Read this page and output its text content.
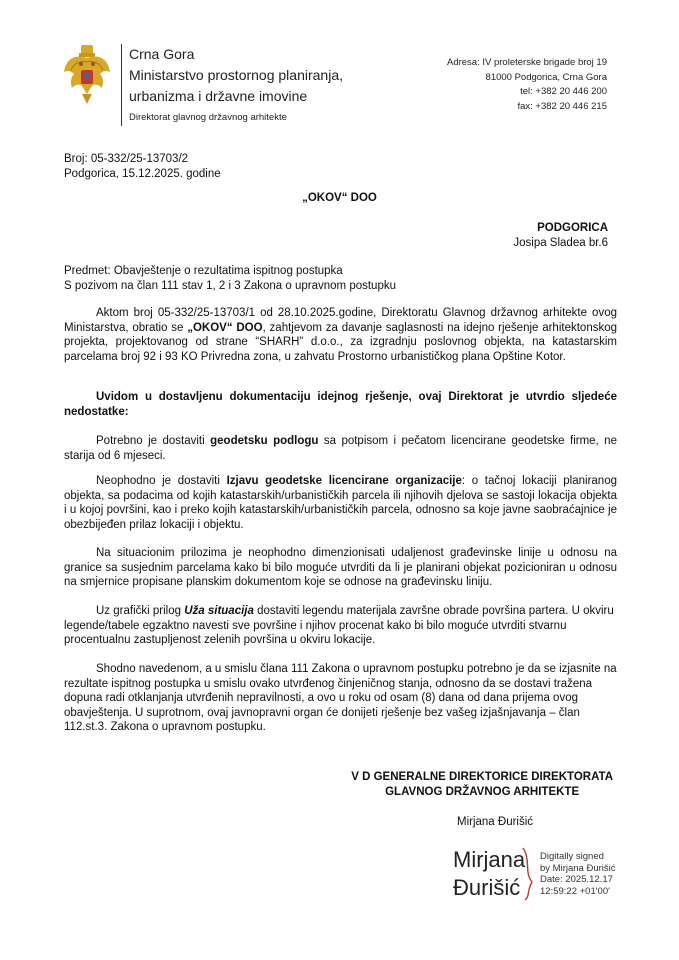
Crna Gora
Ministarstvo prostornog planiranja,
urbanizma i državne imovine
Direktorat glavnog državnog arhitekte
Adresa: IV proleterske brigade broj 19
81000 Podgorica, Crna Gora
tel: +382 20 446 200
fax: +382 20 446 215
Broj: 05-332/25-13703/2
Podgorica, 15.12.2025. godine
„OKOV“ DOO
PODGORICA
Josipa Sladea br.6
Predmet: Obavještenje o rezultatima ispitnog postupka
S pozivom na član 111 stav 1, 2 i 3 Zakona o upravnom postupku

Aktom broj 05-332/25-13703/1 od 28.10.2025.godine, Direktoratu Glavnog državnog arhitekte ovog Ministarstva, obratio se „OKOV“ DOO, zahtjevom za davanje saglasnosti na idejno rješenje arhitektonskog projekta, projektovanog od strane “SHARH” d.o.o., za izgradnju poslovnog objekta, na katastarskim parcelama broj 92 i 93 KO Privredna zona, u zahvatu Prostorno urbanističkog plana Opštine Kotor.

Uvidom u dostavljenu dokumentaciju idejnog rješenje, ovaj Direktorat je utvrdio sljedeće nedostatke:

Potrebno je dostaviti geodetsku podlogu sa potpisom i pečatom licencirane geodetske firme, ne starija od 6 mjeseci.

Neophodno je dostaviti Izjavu geodetske licencirane organizacije: o tačnoj lokaciji planiranog objekta, sa podacima od kojih katastarskih/urbanističkih parcela ili njihovih djelova se sastoji lokacija objekta i u kojoj površini, kao i preko kojih katastarskih/urbanističkih parcela, odnosno sa koje javne saobraćajnice je obezbijeđen prilaz lokaciji i objektu.

Na situacionim prilozima je neophodno dimenzionisati udaljenost građevinske linije u odnosu na granice sa susjednim parcelama kako bi bilo moguće utvrditi da li je planirani objekat pozicioniran u odnosu na smjernice propisane planskim dokumentom koje se odnose na građevinsku liniju.

Uz grafički prilog Uža situacija dostaviti legendu materijala završne obrade površina partera. U okviru legende/tabele egzaktno navesti sve površine i njihov procenat kako bi bilo moguće utvrditi stvarnu procentualnu zastupljenost zelenih površina u okviru lokacije.

Shodno navedenom, a u smislu člana 111 Zakona o upravnom postupku potrebno je da se izjasnite na rezultate ispitnog postupka u smislu ovako utvrđenog činjeničnog stanja, odnosno da se dostavi tražena dopuna radi otklanjanja utvrđenih nepravilnosti, a ovo u roku od osam (8) dana od dana prijema ovog obavještenja. U suprotnom, ovaj javnopravni organ će donijeti rješenje bez vašeg izjašnjavanja – član 112.st.3. Zakona o upravnom postupku.

V D GENERALNE DIREKTORICE DIREKTORATA
GLAVNOG DRŽAVNOG ARHITEKTE
Mirjana Đurišić
Mirjana
Đurišić
Digitally signed
by Mirjana Đurišić
Date: 2025.12.17
12:59:22 +01'00'
